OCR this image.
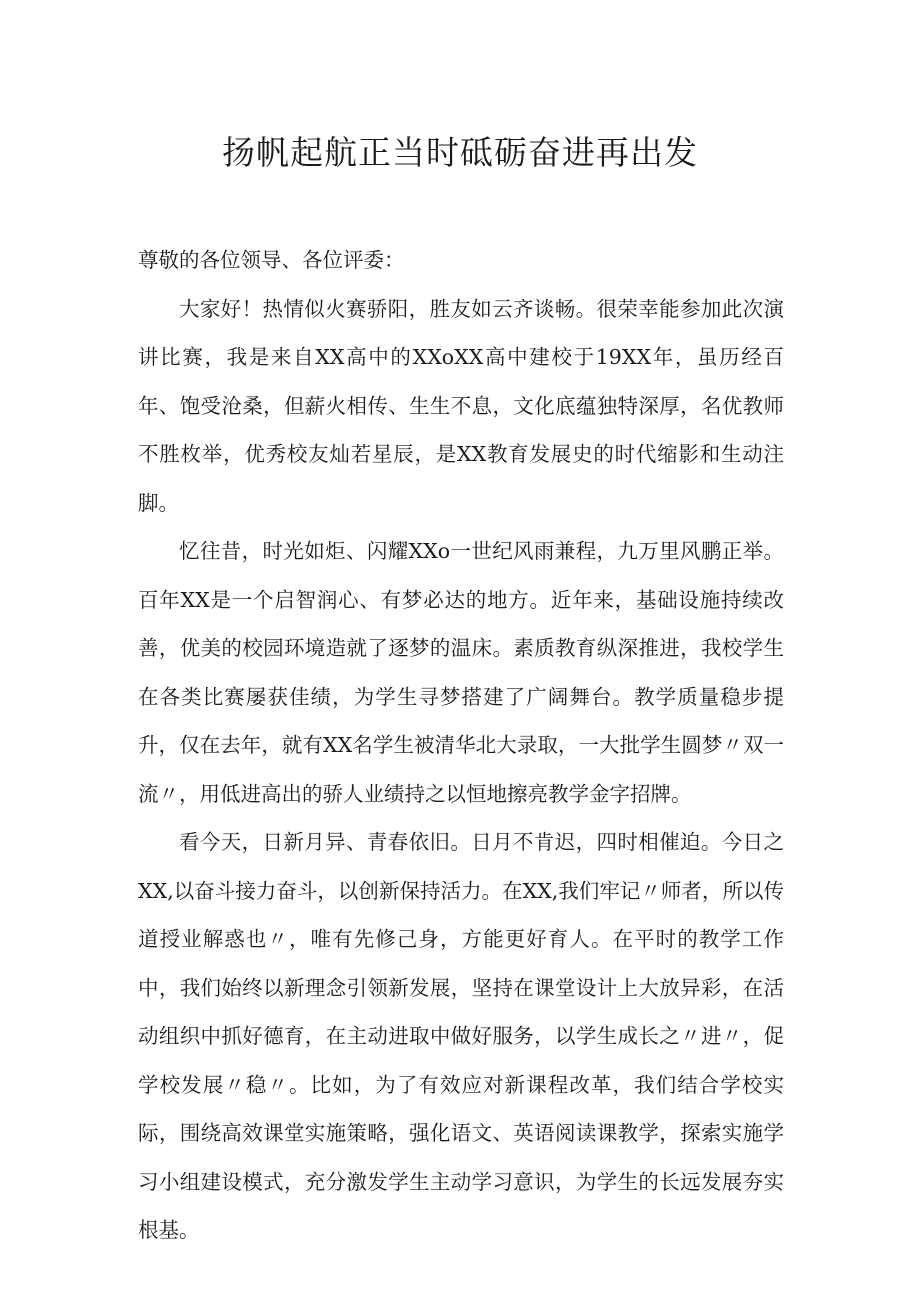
扬帆起航正当时砥砺奋进再出发

尊敬的各位领导、各位评委：

大家好！热情似火赛骄阳，胜友如云齐谈畅。很荣幸能参加此次演讲比赛，我是来自XX高中的XXoXX高中建校于19XX年，虽历经百年、饱受沧桑，但薪火相传、生生不息，文化底蕴独特深厚，名优教师不胜枚举，优秀校友灿若星辰，是XX教育发展史的时代缩影和生动注脚。

忆往昔，时光如炬、闪耀XXo一世纪风雨兼程，九万里风鹏正举。百年XX是一个启智润心、有梦必达的地方。近年来，基础设施持续改善，优美的校园环境造就了逐梦的温床。素质教育纵深推进，我校学生在各类比赛屡获佳绩，为学生寻梦搭建了广阔舞台。教学质量稳步提升，仅在去年，就有XX名学生被清华北大录取，一大批学生圆梦〃双一流〃，用低进高出的骄人业绩持之以恒地擦亮教学金字招牌。

看今天，日新月异、青春依旧。日月不肯迟，四时相催迫。今日之XX,以奋斗接力奋斗，以创新保持活力。在XX,我们牢记〃师者，所以传道授业解惑也〃，唯有先修己身，方能更好育人。在平时的教学工作中，我们始终以新理念引领新发展，坚持在课堂设计上大放异彩，在活动组织中抓好德育，在主动进取中做好服务，以学生成长之〃进〃，促学校发展〃稳〃。比如，为了有效应对新课程改革，我们结合学校实际，围绕高效课堂实施策略，强化语文、英语阅读课教学，探索实施学习小组建设模式，充分激发学生主动学习意识，为学生的长远发展夯实根基。
